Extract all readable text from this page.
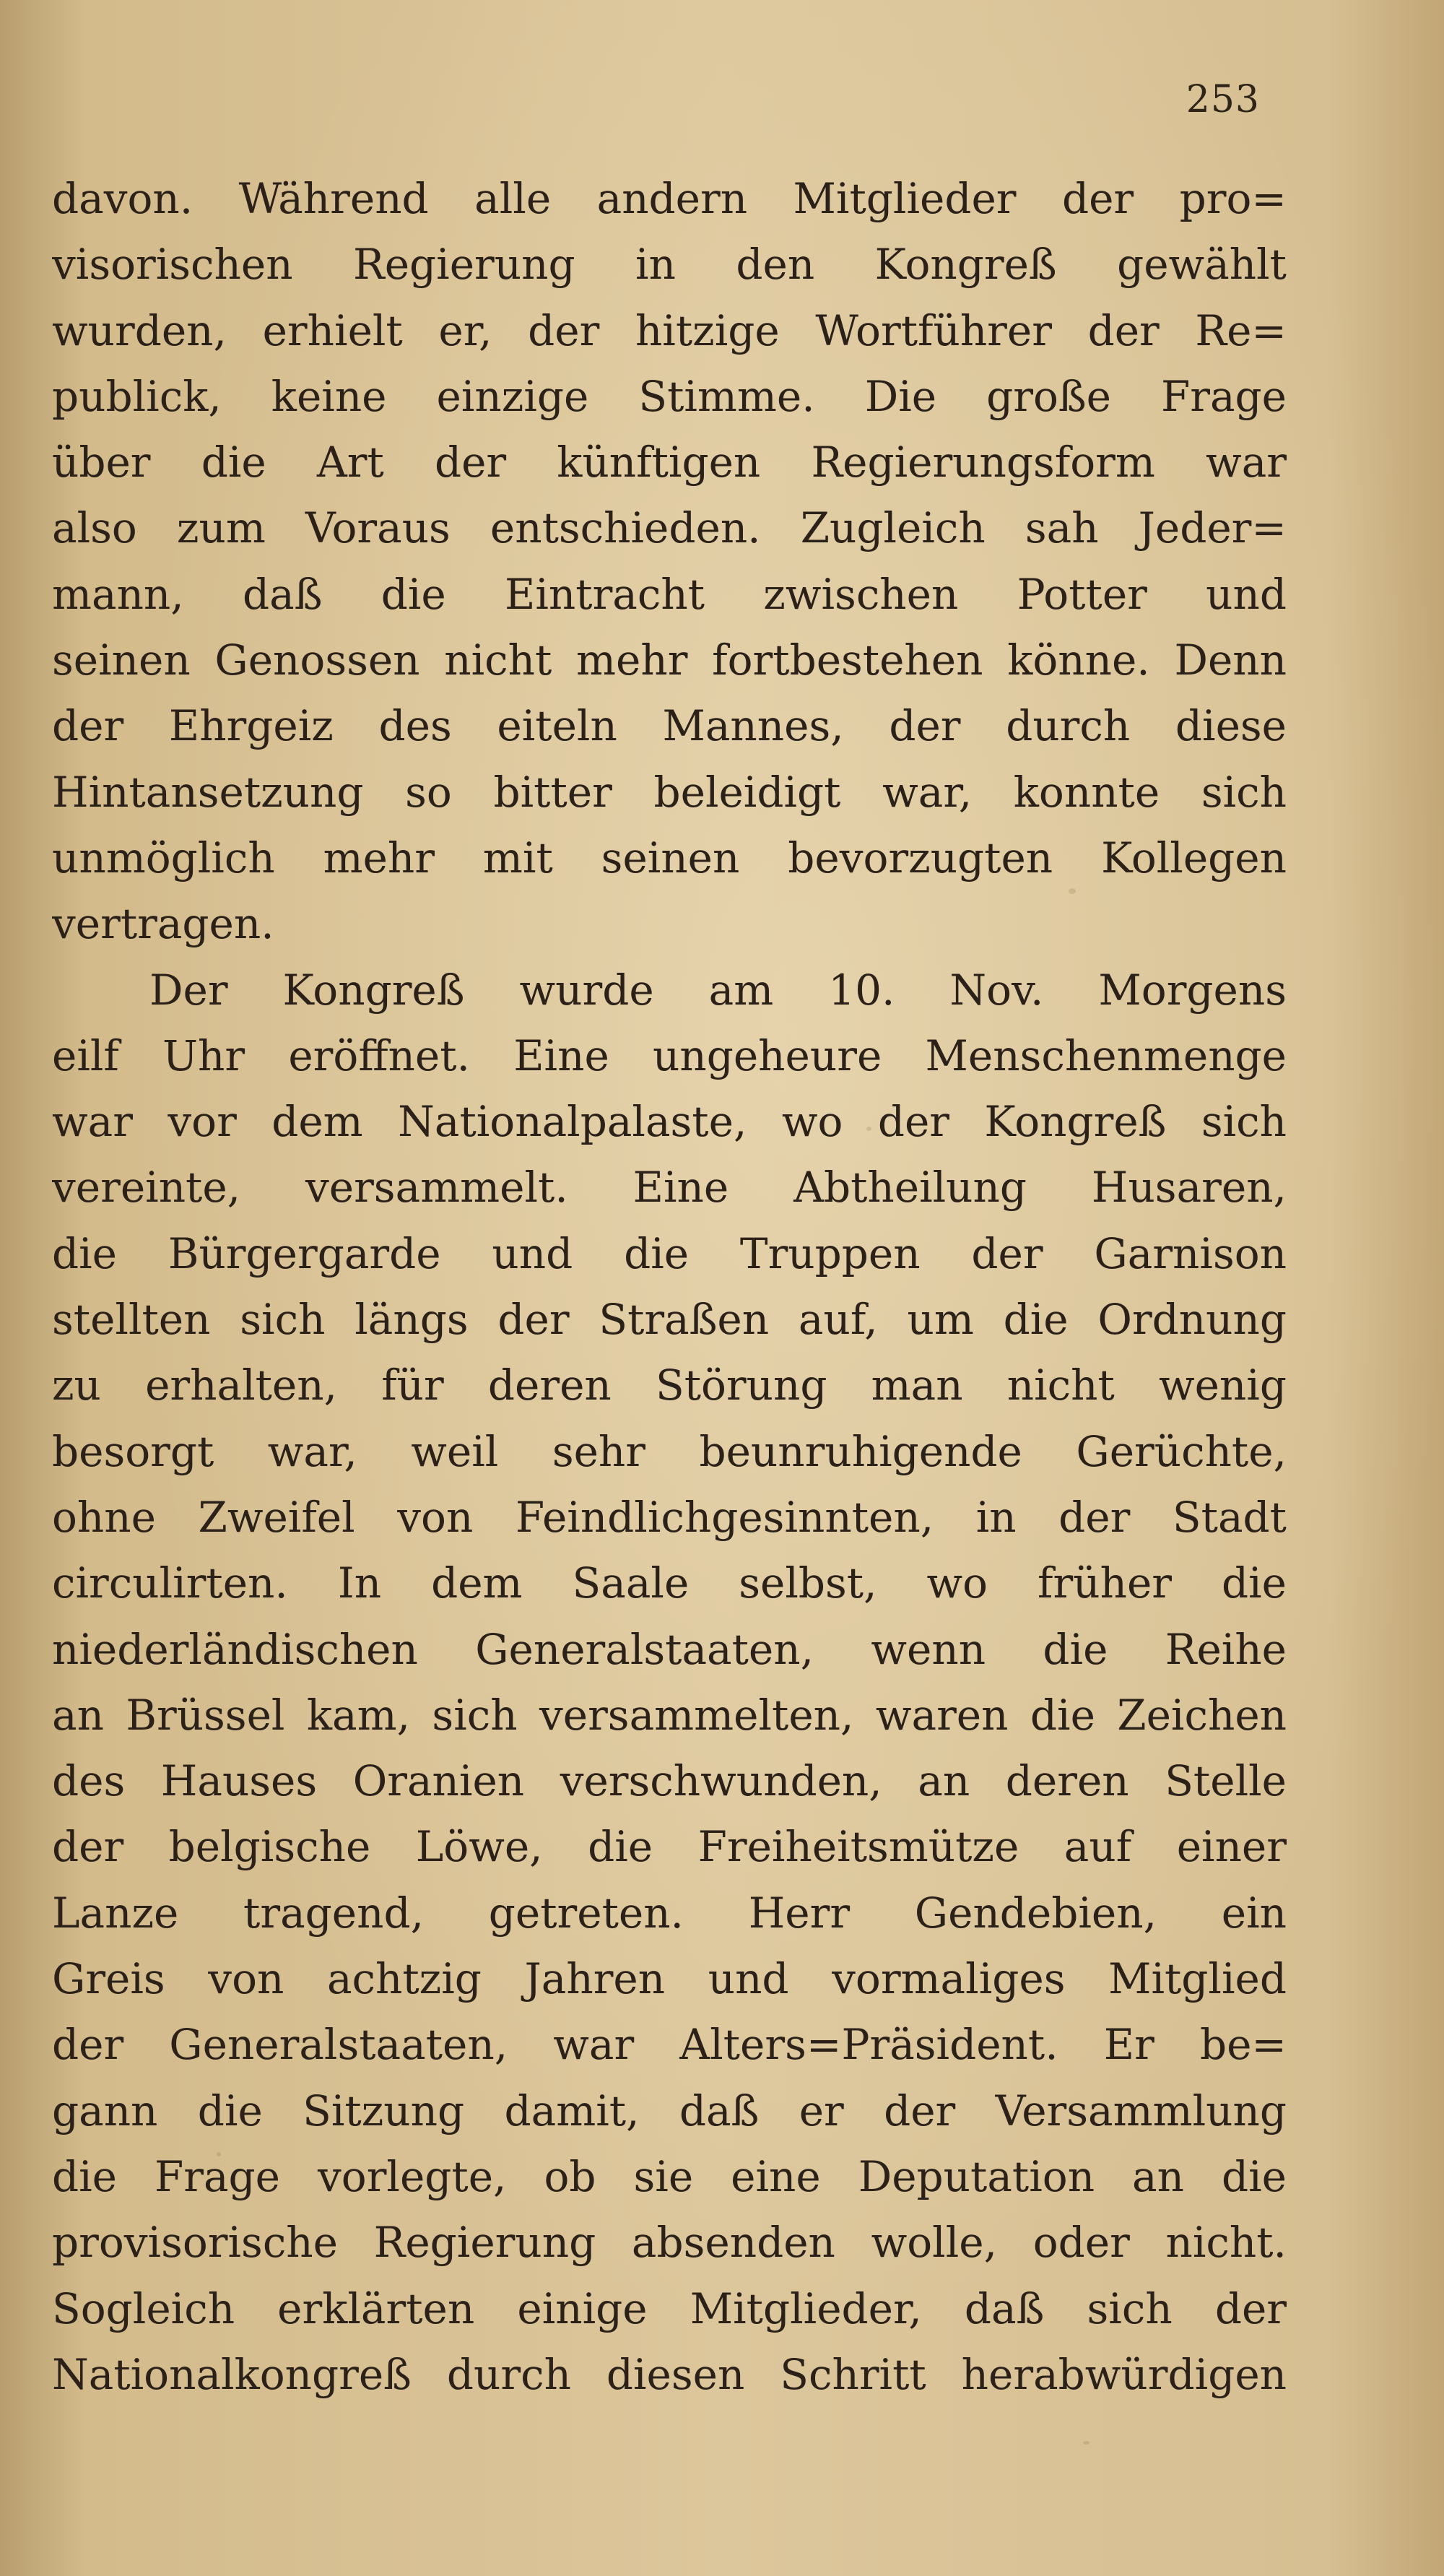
253
davon. Während alle andern Mitglieder der pro=
visorischen Regierung in den Kongreß gewählt
wurden, erhielt er, der hitzige Wortführer der Re=
publick, keine einzige Stimme. Die große Frage
über die Art der künftigen Regierungsform war
also zum Voraus entschieden. Zugleich sah Jeder=
mann, daß die Eintracht zwischen Potter und
seinen Genossen nicht mehr fortbestehen könne. Denn
der Ehrgeiz des eiteln Mannes, der durch diese
Hintansetzung so bitter beleidigt war, konnte sich
unmöglich mehr mit seinen bevorzugten Kollegen
vertragen.
Der Kongreß wurde am 10. Nov. Morgens
eilf Uhr eröffnet. Eine ungeheure Menschenmenge
war vor dem Nationalpalaste, wo der Kongreß sich
vereinte, versammelt. Eine Abtheilung Husaren,
die Bürgergarde und die Truppen der Garnison
stellten sich längs der Straßen auf, um die Ordnung
zu erhalten, für deren Störung man nicht wenig
besorgt war, weil sehr beunruhigende Gerüchte,
ohne Zweifel von Feindlichgesinnten, in der Stadt
circulirten. In dem Saale selbst, wo früher die
niederländischen Generalstaaten, wenn die Reihe
an Brüssel kam, sich versammelten, waren die Zeichen
des Hauses Oranien verschwunden, an deren Stelle
der belgische Löwe, die Freiheitsmütze auf einer
Lanze tragend, getreten. Herr Gendebien, ein
Greis von achtzig Jahren und vormaliges Mitglied
der Generalstaaten, war Alters=Präsident. Er be=
gann die Sitzung damit, daß er der Versammlung
die Frage vorlegte, ob sie eine Deputation an die
provisorische Regierung absenden wolle, oder nicht.
Sogleich erklärten einige Mitglieder, daß sich der
Nationalkongreß durch diesen Schritt herabwürdigen
